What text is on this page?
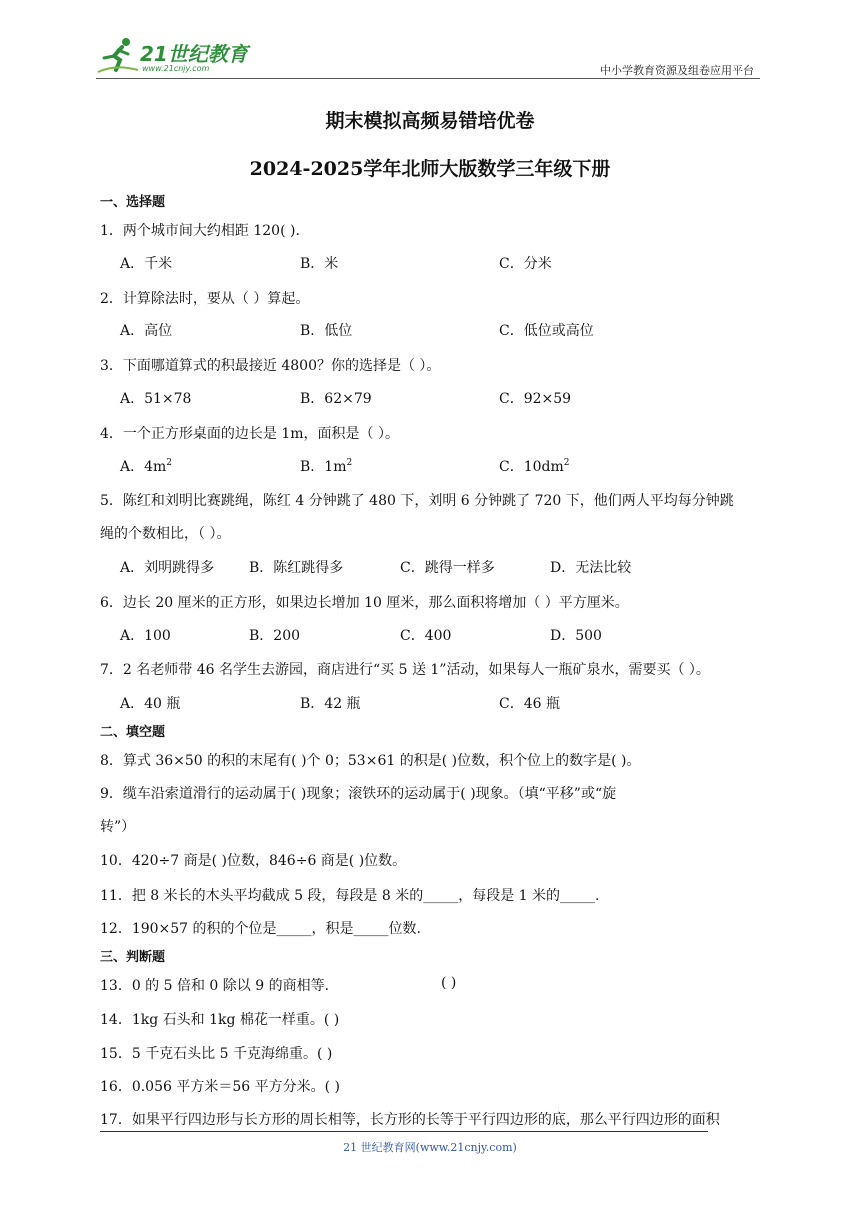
21世纪教育
www.21cnjy.com	中小学教育资源及组卷应用平台
期末模拟高频易错培优卷
2024-2025学年北师大版数学三年级下册
一、选择题
1．两个城市间大约相距 120( ).
A．千米	B．米	C．分米
2．计算除法时，要从（ ）算起。
A．高位	B．低位	C．低位或高位
3．下面哪道算式的积最接近 4800？你的选择是（ ）。
A．51×78	B．62×79	C．92×59
4．一个正方形桌面的边长是 1m，面积是（ ）。
A．$4m^2$	B．$1m^2$	C．$10dm^2$
5．陈红和刘明比赛跳绳，陈红 4 分钟跳了 480 下，刘明 6 分钟跳了 720 下，他们两人平均每分钟跳
绳的个数相比，（ ）。
A．刘明跳得多 B．陈红跳得多	C．跳得一样多	D．无法比较
6．边长 20 厘米的正方形，如果边长增加 10 厘米，那么面积将增加（ ）平方厘米。
A．100	B．200	C．400	D．500
7．2 名老师带 46 名学生去游园，商店进行“买 5 送 1”活动，如果每人一瓶矿泉水，需要买（ ）。
A．40 瓶	B．42 瓶	C．46 瓶
二、填空题
8．算式 36×50 的积的末尾有( )个 0；53×61 的积是( )位数，积个位上的数字是( )。
9．缆车沿索道滑行的运动属于( )现象；滚铁环的运动属于( )现象。（填“平移”或“旋
转”）
10．420÷7 商是( )位数，846÷6 商是( )位数。
11．把 8 米长的木头平均截成 5 段，每段是 8 米的_____，每段是 1 米的_____.
12．190×57 的积的个位是_____，积是_____位数.
三、判断题
13．0 的 5 倍和 0 除以 9 的商相等.	( )
14．1kg 石头和 1kg 棉花一样重。( )
15．5 千克石头比 5 千克海绵重。( )
16．0.056 平方米＝56 平方分米。( )
17．如果平行四边形与长方形的周长相等，长方形的长等于平行四边形的底，那么平行四边形的面积
21 世纪教育网(www.21cnjy.com)
